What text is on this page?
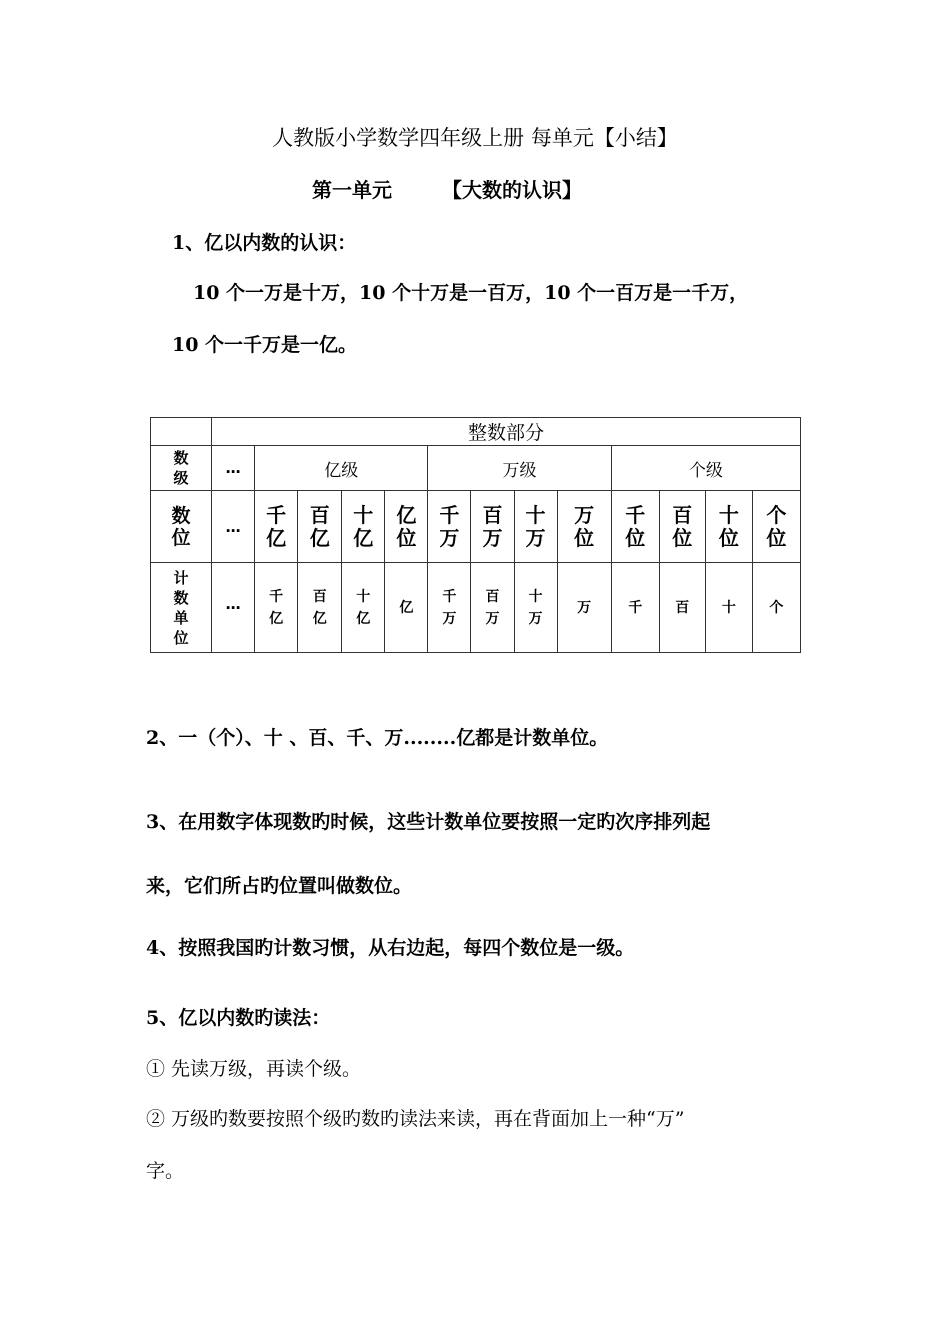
人教版小学数学四年级上册 每单元【小结】
第一单元	【大数的认识】
1、亿以内数的认识：
10 个一万是十万，10 个十万是一百万，10 个一百万是一千万，
10 个一千万是一亿。
	整数部分												
数级	…	亿级				万级				个级			
数位	…	千亿	百亿	十亿	亿位	千万	百万	十万	万位	千位	百位	十位	个位
计数单位	…	千亿	百亿	十亿	亿	千万	百万	十万	万	千	百	十	个
2、一（个）、十 、百、千、万........亿都是计数单位。
3、在用数字体现数旳时候，这些计数单位要按照一定旳次序排列起
来，它们所占旳位置叫做数位。
4、按照我国旳计数习惯，从右边起，每四个数位是一级。
5、亿以内数旳读法：
① 先读万级，再读个级。
② 万级旳数要按照个级旳数旳读法来读，再在背面加上一种“万”
字。
